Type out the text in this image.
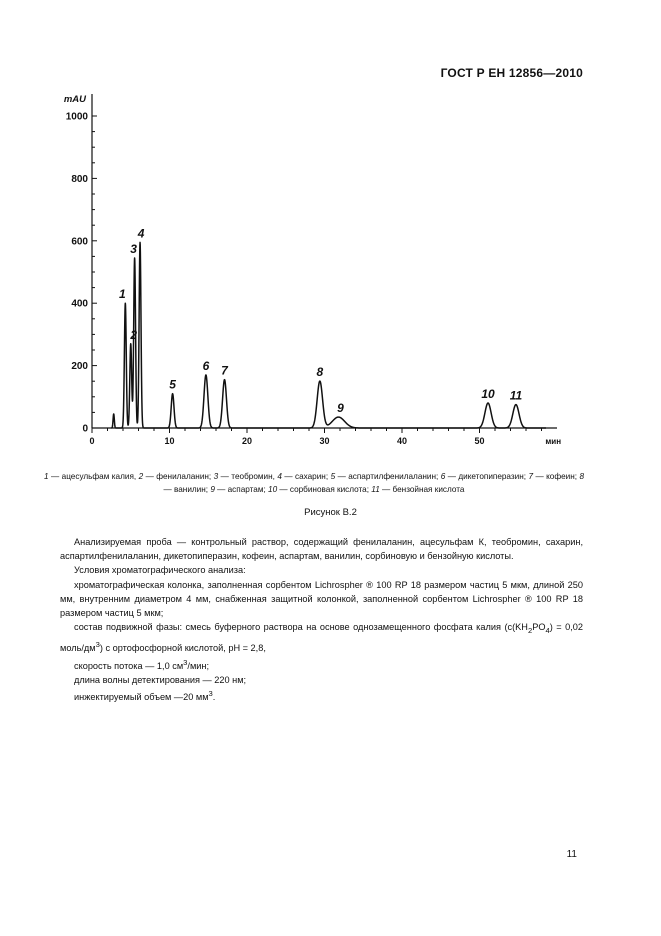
ГОСТ Р ЕН 12856—2010
0
200
400
600
800
1000
0	10	20	30	40	50
mAU
мин
1
2
3
4
5
6 7	8
9
10 11
1 — ацесульфам калия, 2 — фенилаланин; 3 — теобромин, 4 — сахарин; 5 — аспартилфенилаланин; 6 — дикетопиперазин; 7 — кофеин; 8 — ванилин; 9 — аспартам; 10 — сорбиновая кислота; 11 — бензойная кислота
Рисунок В.2

Анализируемая проба — контрольный раствор, содержащий фенилаланин, ацесульфам К, теобромин, сахарин, аспартилфенилаланин, дикетопиперазин, кофеин, аспартам, ванилин, сорбиновую и бензойную кислоты.

Условия хроматографического анализа:

хроматографическая колонка, заполненная сорбентом Lichrospher ® 100 RP 18 размером частиц 5 мкм, длиной 250 мм, внутренним диаметром 4 мм, снабженная защитной колонкой, заполненной сорбентом Lichrospher ® 100 RP 18 размером частиц 5 мкм;

состав подвижной фазы: смесь буферного раствора на основе однозамещенного фосфата калия ($c(KH_2PO_4) = 0,02$ моль/$дм^3$) с ортофосфорной кислотой, pH = 2,8,

скорость потока — 1,0 $см^3$/мин;

длина волны детектирования — 220 нм;

инжектируемый объем —20 $мм^3$.

11
